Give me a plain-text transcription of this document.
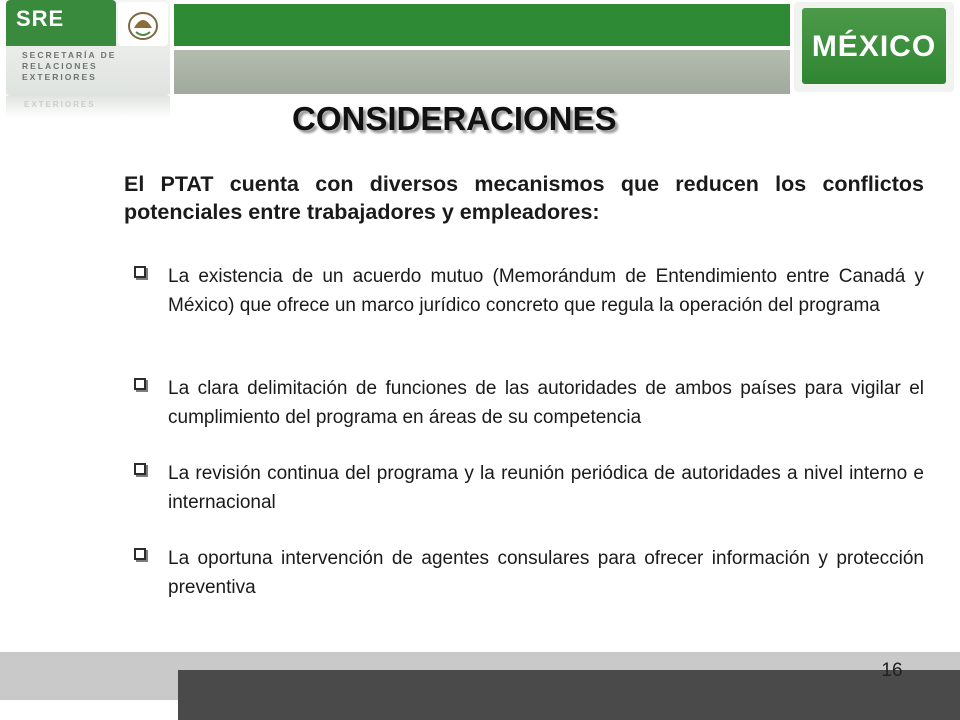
SRE
SECRETARÍA DE RELACIONES EXTERIORES
EXTERIORES
MÉXICO
CONSIDERACIONES
El PTAT cuenta con diversos mecanismos que reducen los conflictos potenciales entre trabajadores y empleadores:
La existencia de un acuerdo mutuo (Memorándum de Entendimiento entre Canadá y México) que ofrece un marco jurídico concreto que regula la operación del programa
La clara delimitación de funciones de las autoridades de ambos países para vigilar el cumplimiento del programa en áreas de su competencia
La revisión continua del programa y la reunión periódica de autoridades a nivel interno e internacional
La oportuna intervención de agentes consulares para ofrecer información y protección preventiva
16
